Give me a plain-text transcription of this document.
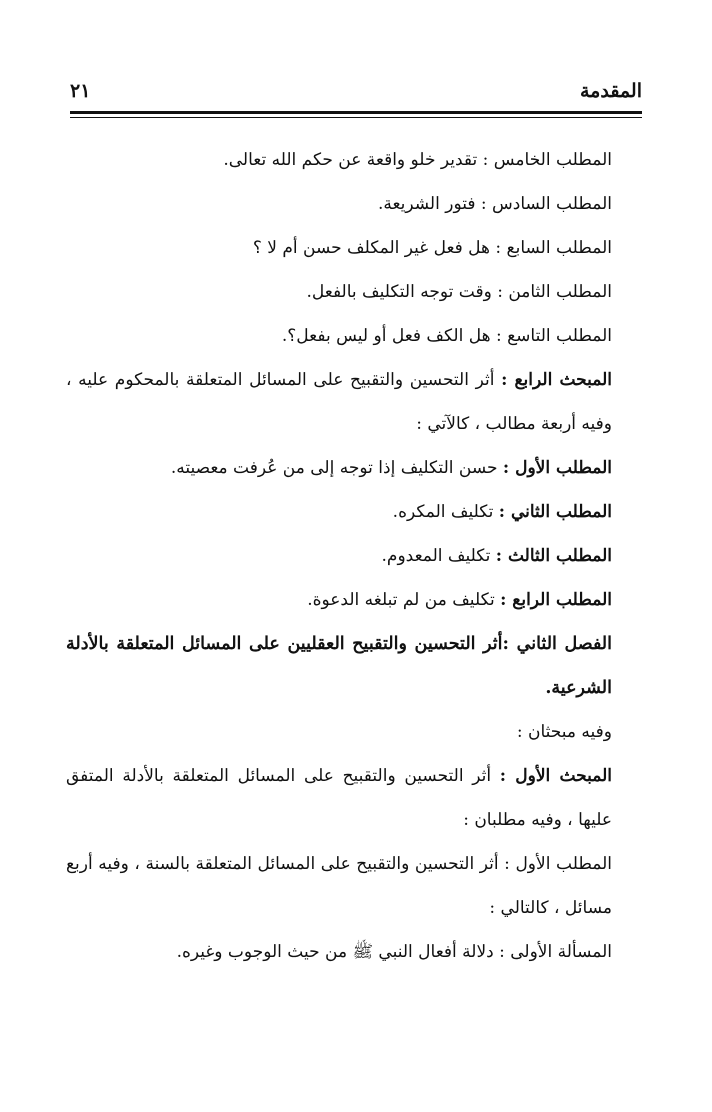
المقدمة
٢١
المطلب الخامس : تقدير خلو واقعة عن حكم الله تعالى.
المطلب السادس : فتور الشريعة.
المطلب السابع : هل فعل غير المكلف حسن أم لا ؟
المطلب الثامن : وقت توجه التكليف بالفعل.
المطلب التاسع : هل الكف فعل أو ليس بفعل؟.
المبحث الرابع : أثر التحسين والتقبيح على المسائل المتعلقة بالمحكوم عليه ، وفيه أربعة مطالب ، كالآتي :
المطلب الأول : حسن التكليف إذا توجه إلى من عُرفت معصيته.
المطلب الثاني : تكليف المكره.
المطلب الثالث : تكليف المعدوم.
المطلب الرابع : تكليف من لم تبلغه الدعوة.
الفصل الثاني :أثر التحسين والتقبيح العقليين على المسائل المتعلقة بالأدلة الشرعية.
وفيه مبحثان :
المبحث الأول : أثر التحسين والتقبيح على المسائل المتعلقة بالأدلة المتفق عليها ، وفيه مطلبان :
المطلب الأول : أثر التحسين والتقبيح على المسائل المتعلقة بالسنة ، وفيه أربع مسائل ، كالتالي :
المسألة الأولى : دلالة أفعال النبي ﷺ من حيث الوجوب وغيره.
